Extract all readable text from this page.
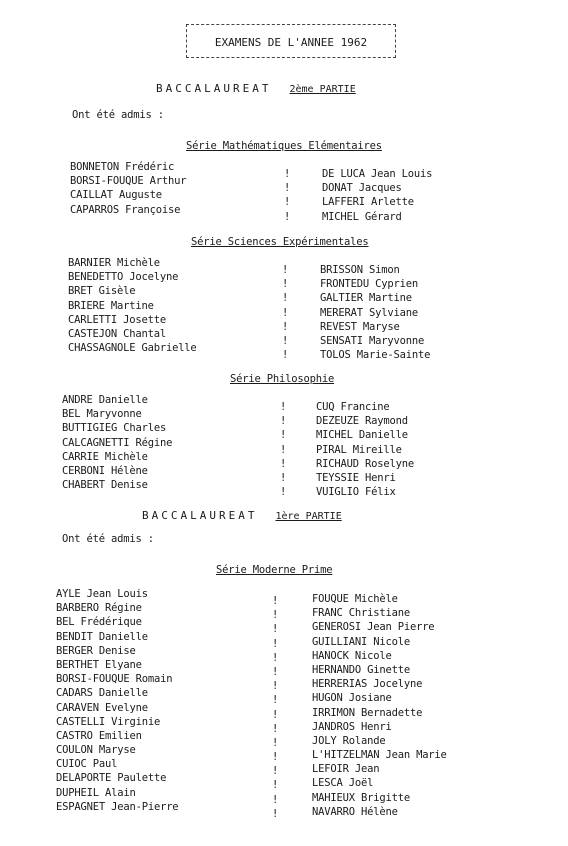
EXAMENS DE L'ANNEE 1962
BACCALAUREAT 2ème PARTIE
Ont été admis :
Série Mathématiques Elémentaires
BONNETON Frédéric
BORSI-FOUQUE Arthur
CAILLAT Auguste
CAPARROS Françoise
!
!
!
!
DE LUCA Jean Louis
DONAT Jacques
LAFFERI Arlette
MICHEL Gérard
Série Sciences Expérimentales
BARNIER Michèle
BENEDETTO Jocelyne
BRET Gisèle
BRIERE Martine
CARLETTI Josette
CASTEJON Chantal
CHASSAGNOLE Gabrielle
!
!
!
!
!
!
!
BRISSON Simon
FRONTEDU Cyprien
GALTIER Martine
MERERAT Sylviane
REVEST Maryse
SENSATI Maryvonne
TOLOS Marie-Sainte
Série Philosophie
ANDRE Danielle
BEL Maryvonne
BUTTIGIEG Charles
CALCAGNETTI Régine
CARRIE Michèle
CERBONI Hélène
CHABERT Denise
!
!
!
!
!
!
!
CUQ Francine
DEZEUZE Raymond
MICHEL Danielle
PIRAL Mireille
RICHAUD Roselyne
TEYSSIE Henri
VUIGLIO Félix
BACCALAUREAT 1ère PARTIE
Ont été admis :
Série Moderne Prime
AYLE Jean Louis
BARBERO Régine
BEL Frédérique
BENDIT Danielle
BERGER Denise
BERTHET Elyane
BORSI-FOUQUE Romain
CADARS Danielle
CARAVEN Evelyne
CASTELLI Virginie
CASTRO Emilien
COULON Maryse
CUIOC Paul
DELAPORTE Paulette
DUPHEIL Alain
ESPAGNET Jean-Pierre
!
!
!
!
!
!
!
!
!
!
!
!
!
!
!
!
FOUQUE Michèle
FRANC Christiane
GENEROSI Jean Pierre
GUILLIANI Nicole
HANOCK Nicole
HERNANDO Ginette
HERRERIAS Jocelyne
HUGON Josiane
IRRIMON Bernadette
JANDROS Henri
JOLY Rolande
L'HITZELMAN Jean Marie
LEFOIR Jean
LESCA Joël
MAHIEUX Brigitte
NAVARRO Hélène
